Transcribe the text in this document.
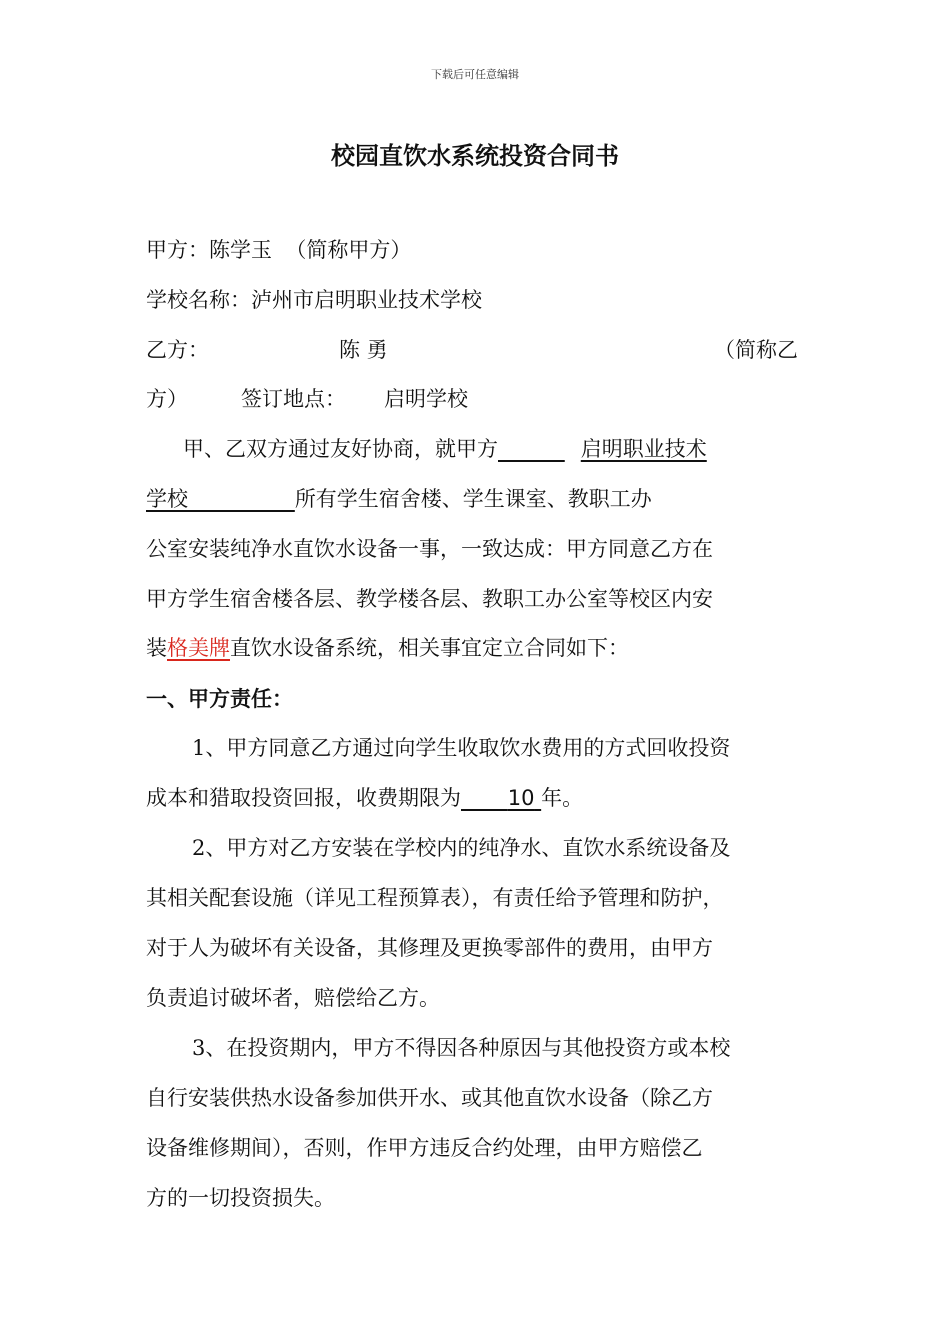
下载后可任意编辑
校园直饮水系统投资合同书
甲方：陈学玉 （简称甲方）
学校名称：泸州市启明职业技术学校
乙方：	陈 勇	（简称乙
方）	签订地点： 启明学校
甲、乙双方通过友好协商，就甲方	启明职业技术
学校	所有学生宿舍楼、学生课室、教职工办
公室安装纯净水直饮水设备一事，一致达成：甲方同意乙方在
甲方学生宿舍楼各层、教学楼各层、教职工办公室等校区内安
装格美牌直饮水设备系统，相关事宜定立合同如下：
一、甲方责任：
1、甲方同意乙方通过向学生收取饮水费用的方式回收投资
成本和猎取投资回报，收费期限为 10 年。
2、甲方对乙方安装在学校内的纯净水、直饮水系统设备及
其相关配套设施（详见工程预算表），有责任给予管理和防护，
对于人为破坏有关设备，其修理及更换零部件的费用，由甲方
负责追讨破坏者，赔偿给乙方。
3、在投资期内，甲方不得因各种原因与其他投资方或本校
自行安装供热水设备参加供开水、或其他直饮水设备（除乙方
设备维修期间），否则，作甲方违反合约处理，由甲方赔偿乙
方的一切投资损失。
